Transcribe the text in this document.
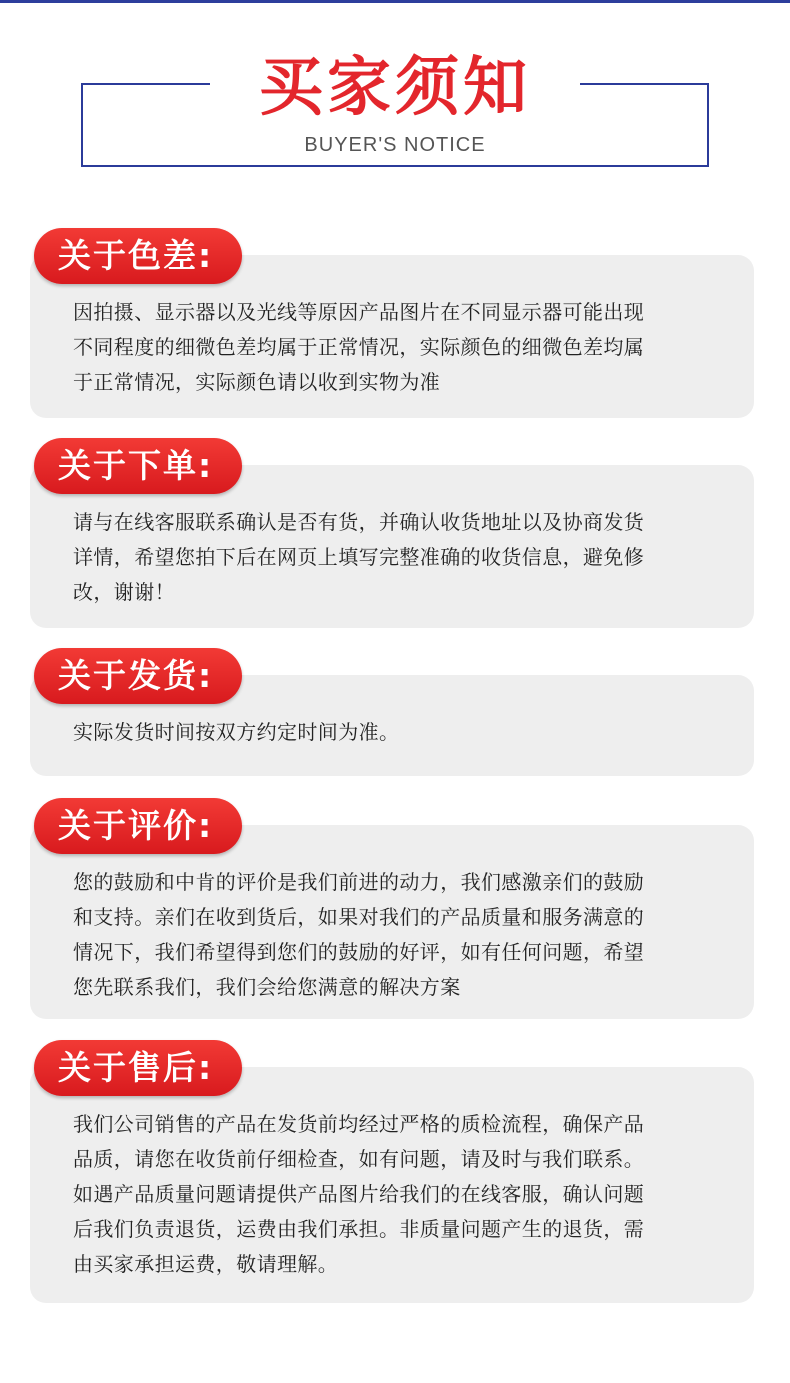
买家须知
BUYER'S NOTICE
关于色差:
因拍摄、显示器以及光线等原因产品图片在不同显示器可能出现
不同程度的细微色差均属于正常情况，实际颜色的细微色差均属
于正常情况，实际颜色请以收到实物为准
关于下单:
请与在线客服联系确认是否有货，并确认收货地址以及协商发货
详情，希望您拍下后在网页上填写完整准确的收货信息，避免修
改，谢谢！
关于发货:
实际发货时间按双方约定时间为准。
关于评价:
您的鼓励和中肯的评价是我们前进的动力，我们感激亲们的鼓励
和支持。亲们在收到货后，如果对我们的产品质量和服务满意的
情况下，我们希望得到您们的鼓励的好评，如有任何问题，希望
您先联系我们，我们会给您满意的解决方案
关于售后:
我们公司销售的产品在发货前均经过严格的质检流程，确保产品
品质，请您在收货前仔细检查，如有问题，请及时与我们联系。
如遇产品质量问题请提供产品图片给我们的在线客服，确认问题
后我们负责退货，运费由我们承担。非质量问题产生的退货，需
由买家承担运费，敬请理解。
